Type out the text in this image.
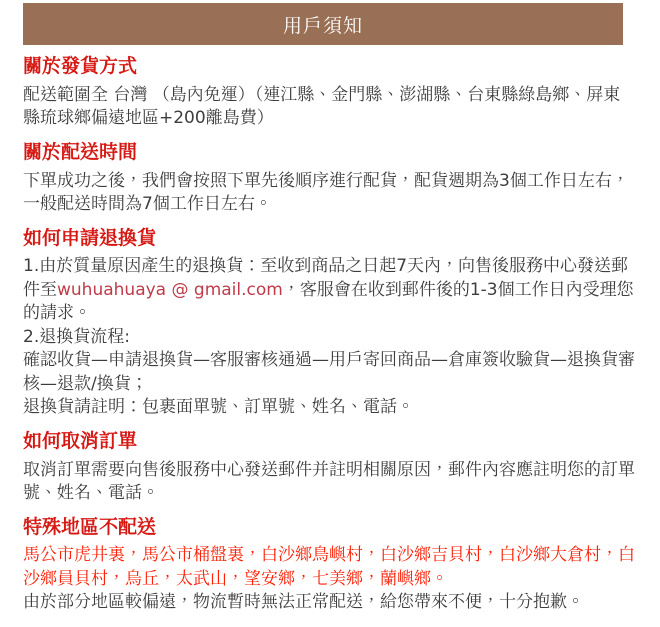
用戶須知
關於發貨方式

配送範圍全 台灣 （島內免運）（連江縣、金門縣、澎湖縣、台東縣綠島鄉、屏東縣琉球鄉偏遠地區+200離島費）

關於配送時間

下單成功之後，我們會按照下單先後順序進行配貨，配貨週期為3個工作日左右，一般配送時間為7個工作日左右。

如何申請退換貨

1.由於質量原因產生的退換貨：至收到商品之日起7天內，向售後服務中心發送郵件至wuhuahuaya @ gmail.com，客服會在收到郵件後的1-3個工作日內受理您的請求。

2.退換貨流程:

確認收貨—申請退換貨—客服審核通過—用戶寄回商品—倉庫簽收驗貨—退換貨審核—退款/換貨；

退換貨請註明：包裹面單號、訂單號、姓名、電話。

如何取消訂單

取消訂單需要向售後服務中心發送郵件并註明相關原因，郵件內容應註明您的訂單號、姓名、電話。

特殊地區不配送

馬公市虎井裏，馬公市桶盤裏，白沙鄉鳥嶼村，白沙鄉吉貝村，白沙鄉大倉村，白沙鄉員貝村，烏丘，太武山，望安鄉，七美鄉，蘭嶼鄉。

由於部分地區較偏遠，物流暫時無法正常配送，給您帶來不便，十分抱歉。
